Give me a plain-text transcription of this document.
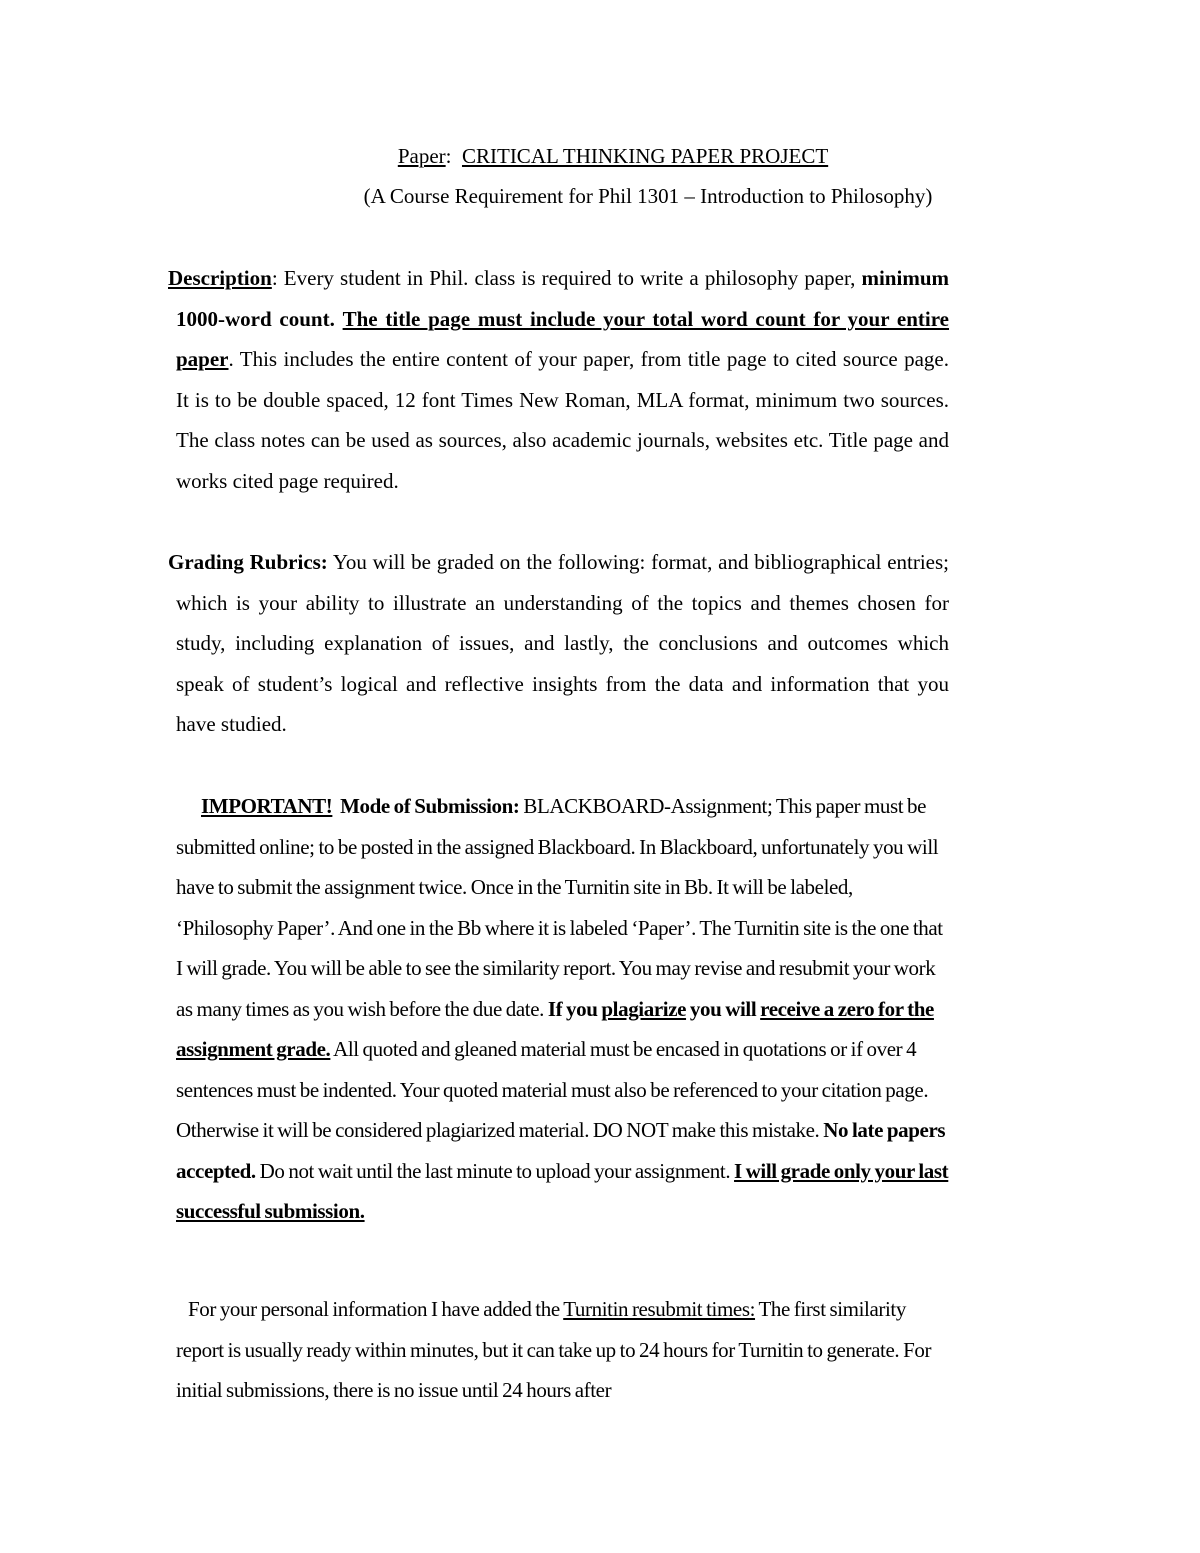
Paper: CRITICAL THINKING PAPER PROJECT
(A Course Requirement for Phil 1301 – Introduction to Philosophy)
Description: Every student in Phil. class is required to write a philosophy paper, minimum 1000-word count. The title page must include your total word count for your entire paper. This includes the entire content of your paper, from title page to cited source page. It is to be double spaced, 12 font Times New Roman, MLA format, minimum two sources. The class notes can be used as sources, also academic journals, websites etc. Title page and works cited page required.
Grading Rubrics: You will be graded on the following: format, and bibliographical entries; which is your ability to illustrate an understanding of the topics and themes chosen for study, including explanation of issues, and lastly, the conclusions and outcomes which speak of student’s logical and reflective insights from the data and information that you have studied.
IMPORTANT! Mode of Submission: BLACKBOARD-Assignment; This paper must be submitted online; to be posted in the assigned Blackboard. In Blackboard, unfortunately you will have to submit the assignment twice. Once in the Turnitin site in Bb. It will be labeled, ‘Philosophy Paper’. And one in the Bb where it is labeled ‘Paper’. The Turnitin site is the one that I will grade. You will be able to see the similarity report. You may revise and resubmit your work as many times as you wish before the due date. If you plagiarize you will receive a zero for the assignment grade. All quoted and gleaned material must be encased in quotations or if over 4 sentences must be indented. Your quoted material must also be referenced to your citation page. Otherwise it will be considered plagiarized material. DO NOT make this mistake. No late papers accepted. Do not wait until the last minute to upload your assignment. I will grade only your last successful submission.
For your personal information I have added the Turnitin resubmit times: The first similarity report is usually ready within minutes, but it can take up to 24 hours for Turnitin to generate. For initial submissions, there is no issue until 24 hours after
